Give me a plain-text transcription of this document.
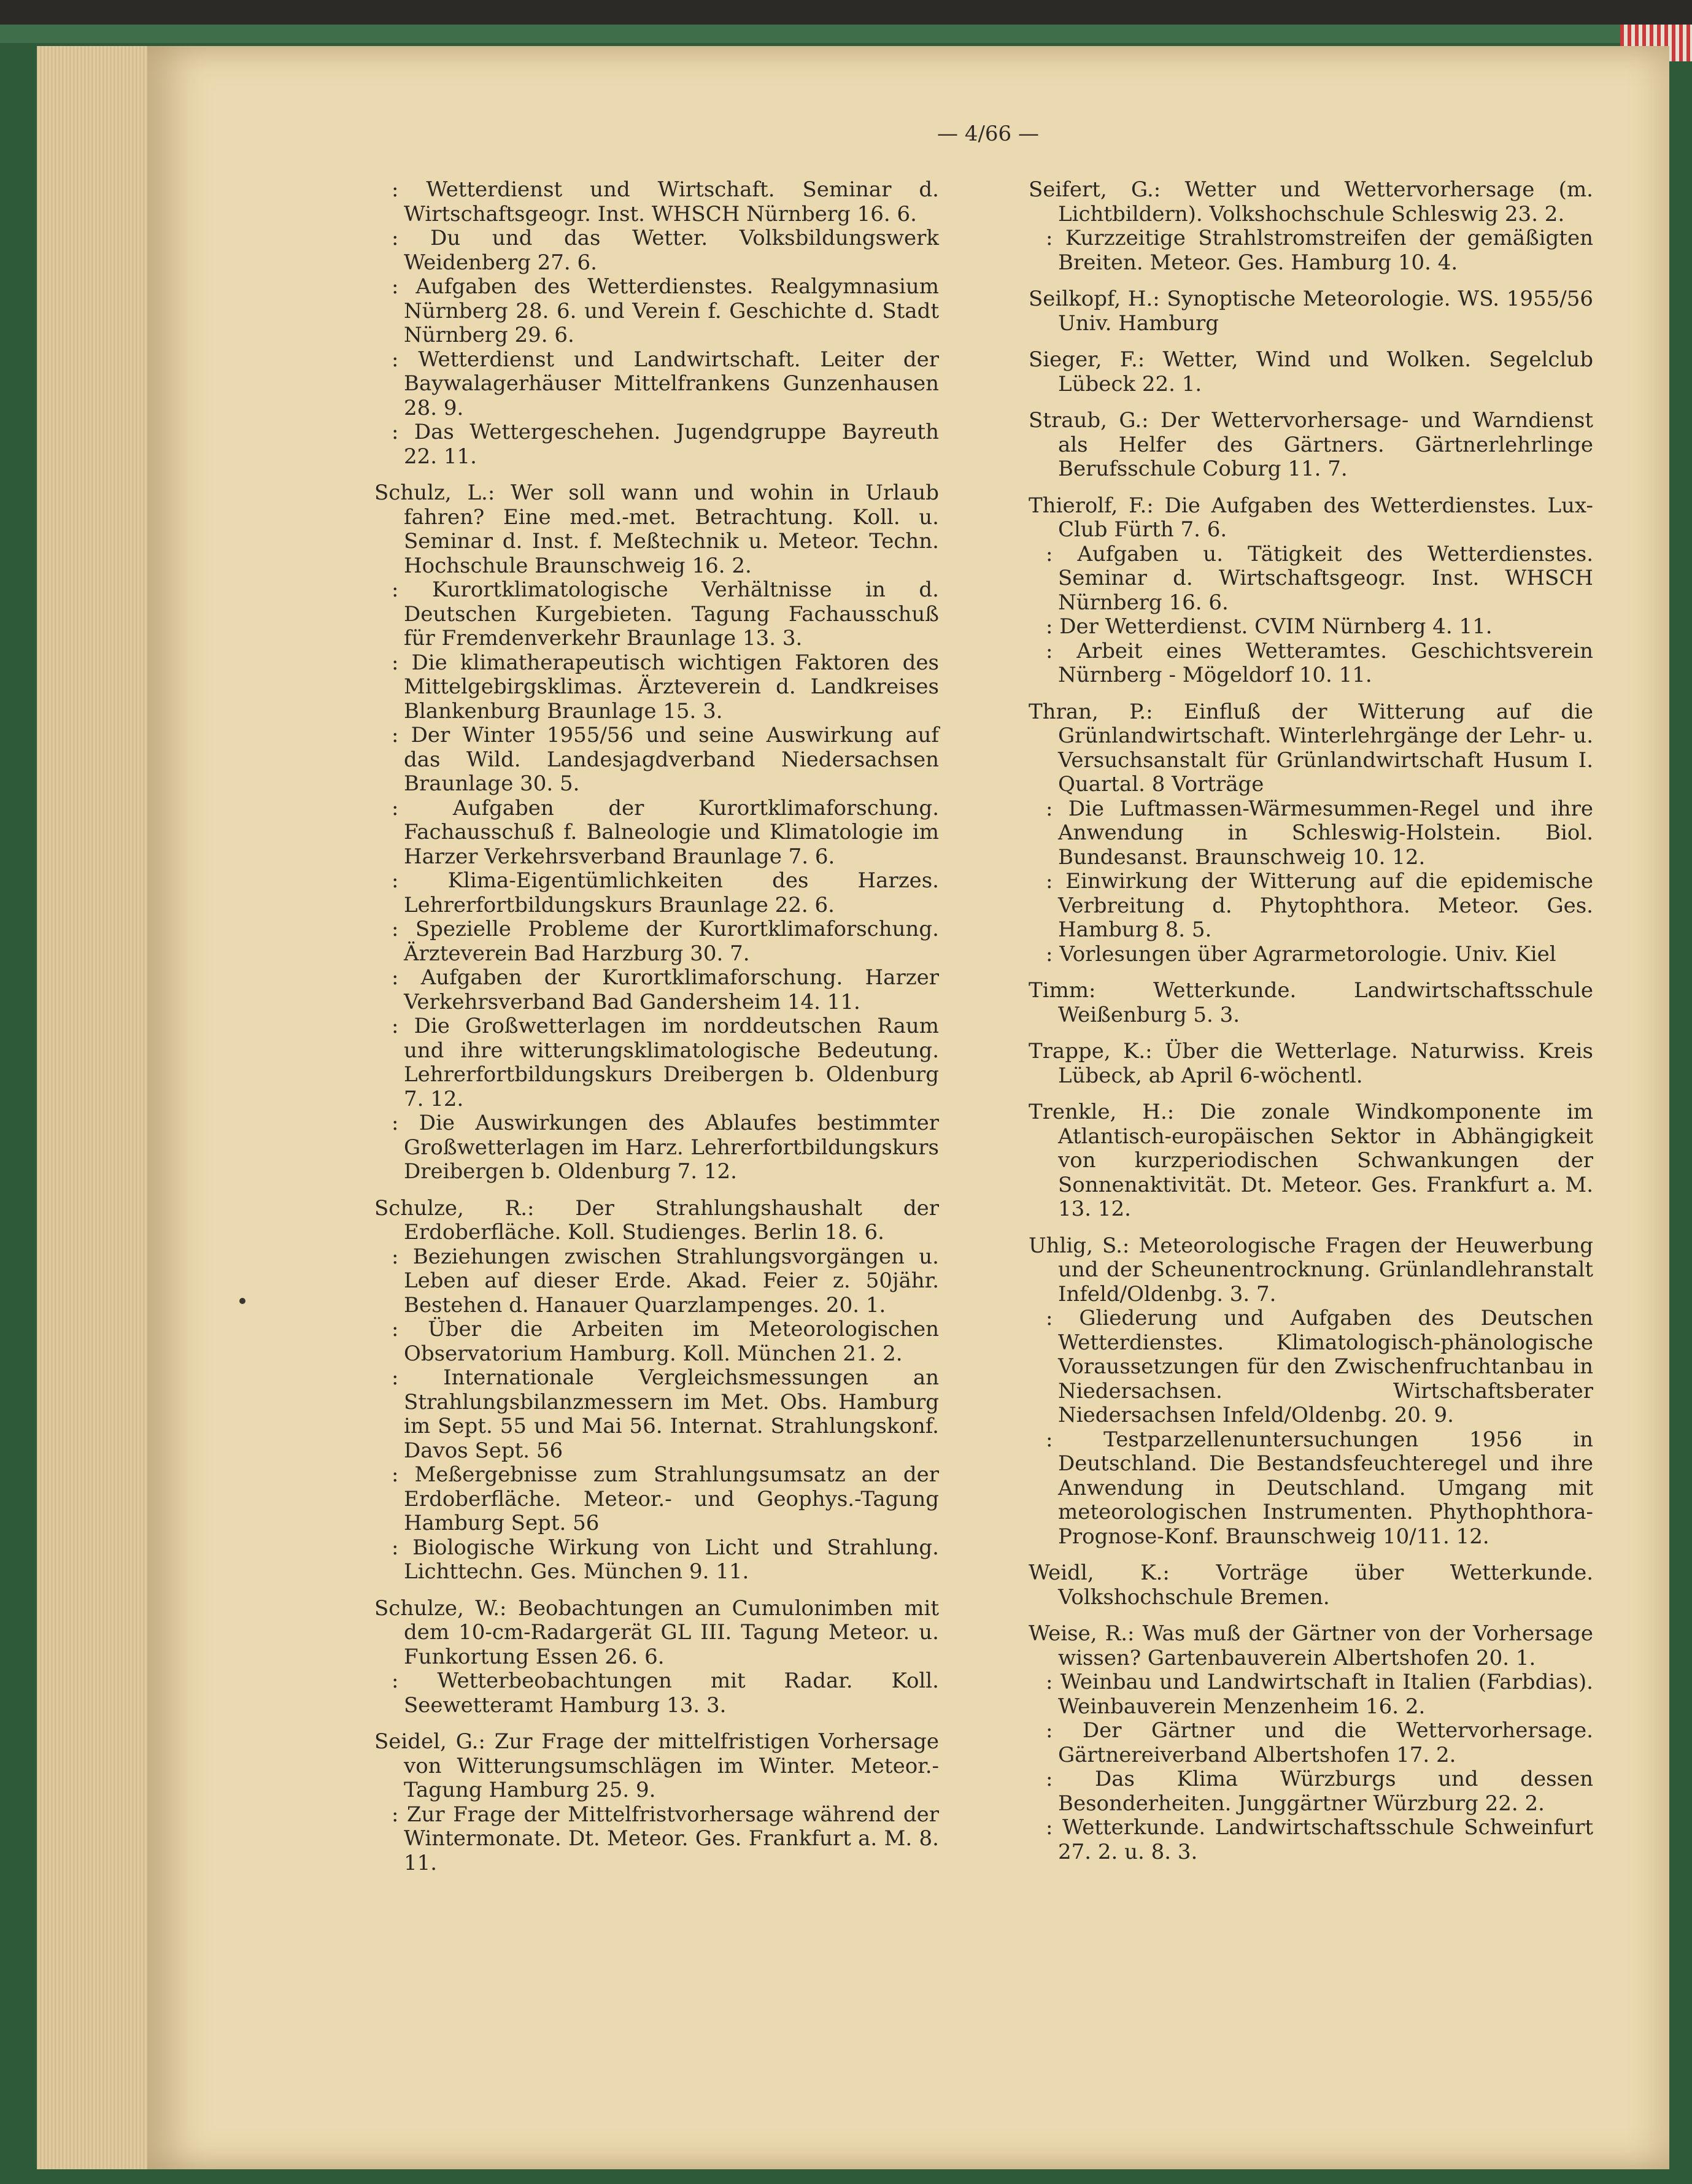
— 4/66 —
: Wetterdienst und Wirtschaft. Seminar d. Wirtschaftsgeogr. Inst. WHSCH Nürnberg 16. 6.
: Du und das Wetter. Volksbildungswerk Weidenberg 27. 6.
: Aufgaben des Wetterdienstes. Realgymnasium Nürnberg 28. 6. und Verein f. Geschichte d. Stadt Nürnberg 29. 6.
: Wetterdienst und Landwirtschaft. Leiter der Baywalagerhäuser Mittelfrankens Gunzenhausen 28. 9.
: Das Wettergeschehen. Jugendgruppe Bayreuth 22. 11.
Schulz, L.: Wer soll wann und wohin in Urlaub fahren? Eine med.-met. Betrachtung. Koll. u. Seminar d. Inst. f. Meßtechnik u. Meteor. Techn. Hochschule Braunschweig 16. 2.
: Kurortklimatologische Verhältnisse in d. Deutschen Kurgebieten. Tagung Fachausschuß für Fremdenverkehr Braunlage 13. 3.
: Die klimatherapeutisch wichtigen Faktoren des Mittelgebirgsklimas. Ärzteverein d. Landkreises Blankenburg Braunlage 15. 3.
: Der Winter 1955/56 und seine Auswirkung auf das Wild. Landesjagdverband Niedersachsen Braunlage 30. 5.
: Aufgaben der Kurortklimaforschung. Fachausschuß f. Balneologie und Klimatologie im Harzer Verkehrsverband Braunlage 7. 6.
: Klima-Eigentümlichkeiten des Harzes. Lehrerfortbildungskurs Braunlage 22. 6.
: Spezielle Probleme der Kurortklimaforschung. Ärzteverein Bad Harzburg 30. 7.
: Aufgaben der Kurortklimaforschung. Harzer Verkehrsverband Bad Gandersheim 14. 11.
: Die Großwetterlagen im norddeutschen Raum und ihre witterungsklimatologische Bedeutung. Lehrerfortbildungskurs Dreibergen b. Oldenburg 7. 12.
: Die Auswirkungen des Ablaufes bestimmter Großwetterlagen im Harz. Lehrerfortbildungskurs Dreibergen b. Oldenburg 7. 12.
Schulze, R.: Der Strahlungshaushalt der Erdoberfläche. Koll. Studienges. Berlin 18. 6.
: Beziehungen zwischen Strahlungsvorgängen u. Leben auf dieser Erde. Akad. Feier z. 50jähr. Bestehen d. Hanauer Quarzlampenges. 20. 1.
: Über die Arbeiten im Meteorologischen Observatorium Hamburg. Koll. München 21. 2.
: Internationale Vergleichsmessungen an Strahlungsbilanzmessern im Met. Obs. Hamburg im Sept. 55 und Mai 56. Internat. Strahlungskonf. Davos Sept. 56
: Meßergebnisse zum Strahlungsumsatz an der Erdoberfläche. Meteor.- und Geophys.-Tagung Hamburg Sept. 56
: Biologische Wirkung von Licht und Strahlung. Lichttechn. Ges. München 9. 11.
Schulze, W.: Beobachtungen an Cumulonimben mit dem 10-cm-Radargerät GL III. Tagung Meteor. u. Funkortung Essen 26. 6.
: Wetterbeobachtungen mit Radar. Koll. Seewetteramt Hamburg 13. 3.
Seidel, G.: Zur Frage der mittelfristigen Vorhersage von Witterungsumschlägen im Winter. Meteor.-Tagung Hamburg 25. 9.
: Zur Frage der Mittelfristvorhersage während der Wintermonate. Dt. Meteor. Ges. Frankfurt a. M. 8. 11.
Seifert, G.: Wetter und Wettervorhersage (m. Lichtbildern). Volkshochschule Schleswig 23. 2.
: Kurzzeitige Strahlstromstreifen der gemäßigten Breiten. Meteor. Ges. Hamburg 10. 4.
Seilkopf, H.: Synoptische Meteorologie. WS. 1955/56 Univ. Hamburg
Sieger, F.: Wetter, Wind und Wolken. Segelclub Lübeck 22. 1.
Straub, G.: Der Wettervorhersage- und Warndienst als Helfer des Gärtners. Gärtnerlehrlinge Berufsschule Coburg 11. 7.
Thierolf, F.: Die Aufgaben des Wetterdienstes. Lux-Club Fürth 7. 6.
: Aufgaben u. Tätigkeit des Wetterdienstes. Seminar d. Wirtschaftsgeogr. Inst. WHSCH Nürnberg 16. 6.
: Der Wetterdienst. CVIM Nürnberg 4. 11.
: Arbeit eines Wetteramtes. Geschichtsverein Nürnberg - Mögeldorf 10. 11.
Thran, P.: Einfluß der Witterung auf die Grünlandwirtschaft. Winterlehrgänge der Lehr- u. Versuchsanstalt für Grünlandwirtschaft Husum I. Quartal. 8 Vorträge
: Die Luftmassen-Wärmesummen-Regel und ihre Anwendung in Schleswig-Holstein. Biol. Bundesanst. Braunschweig 10. 12.
: Einwirkung der Witterung auf die epidemische Verbreitung d. Phytophthora. Meteor. Ges. Hamburg 8. 5.
: Vorlesungen über Agrarmetorologie. Univ. Kiel
Timm: Wetterkunde. Landwirtschaftsschule Weißenburg 5. 3.
Trappe, K.: Über die Wetterlage. Naturwiss. Kreis Lübeck, ab April 6-wöchentl.
Trenkle, H.: Die zonale Windkomponente im Atlantisch-europäischen Sektor in Abhängigkeit von kurzperiodischen Schwankungen der Sonnenaktivität. Dt. Meteor. Ges. Frankfurt a. M. 13. 12.
Uhlig, S.: Meteorologische Fragen der Heuwerbung und der Scheunentrocknung. Grünlandlehranstalt Infeld/Oldenbg. 3. 7.
: Gliederung und Aufgaben des Deutschen Wetterdienstes. Klimatologisch-phänologische Voraussetzungen für den Zwischenfruchtanbau in Niedersachsen. Wirtschaftsberater Niedersachsen Infeld/Oldenbg. 20. 9.
: Testparzellenuntersuchungen 1956 in Deutschland. Die Bestandsfeuchteregel und ihre Anwendung in Deutschland. Umgang mit meteorologischen Instrumenten. Phythophthora-Prognose-Konf. Braunschweig 10/11. 12.
Weidl, K.: Vorträge über Wetterkunde. Volkshochschule Bremen.
Weise, R.: Was muß der Gärtner von der Vorhersage wissen? Gartenbauverein Albertshofen 20. 1.
: Weinbau und Landwirtschaft in Italien (Farbdias). Weinbauverein Menzenheim 16. 2.
: Der Gärtner und die Wettervorhersage. Gärtnereiverband Albertshofen 17. 2.
: Das Klima Würzburgs und dessen Besonderheiten. Junggärtner Würzburg 22. 2.
: Wetterkunde. Landwirtschaftsschule Schweinfurt 27. 2. u. 8. 3.
